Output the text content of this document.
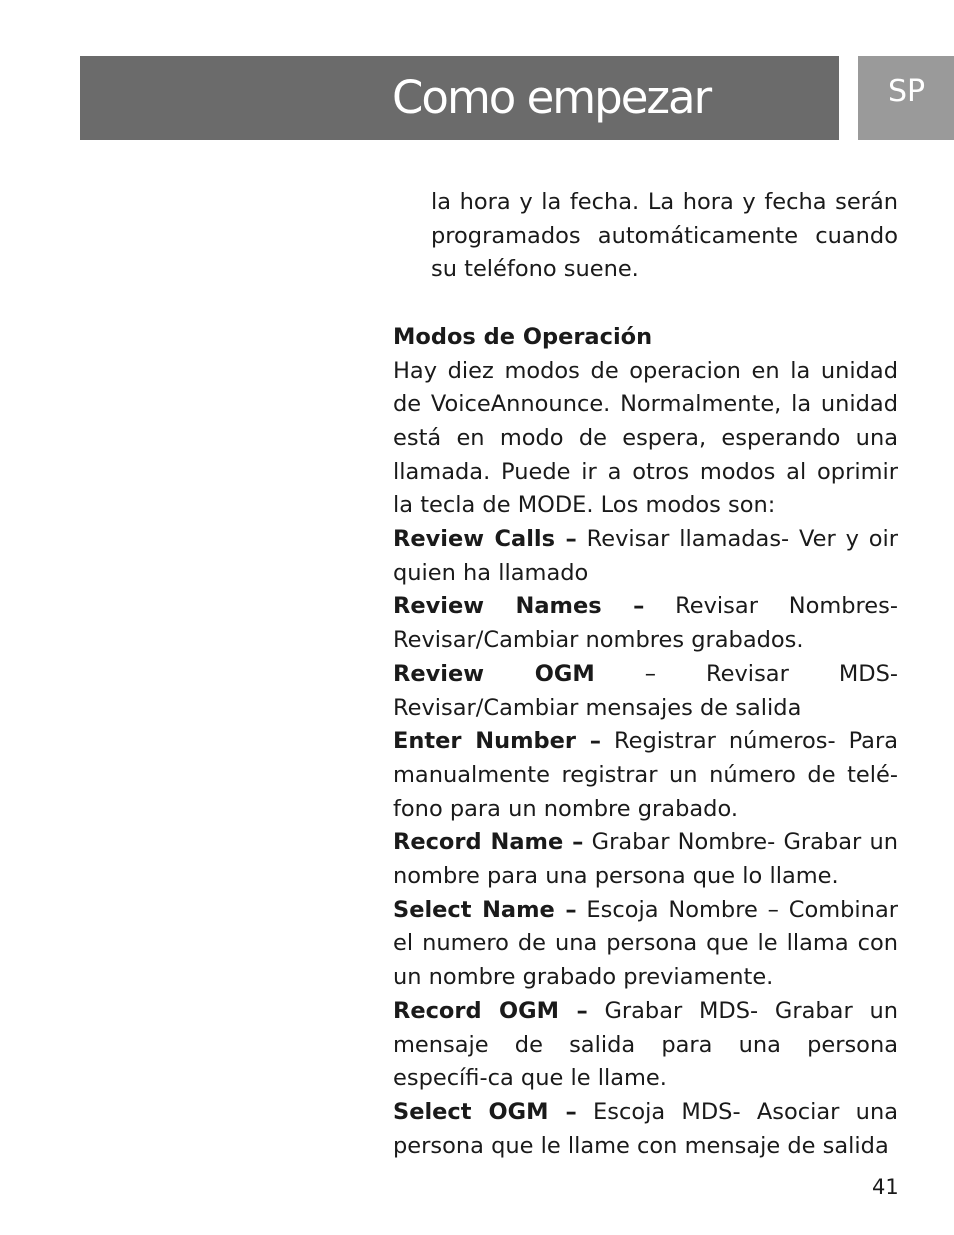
Como empezar	SP

la hora y la fecha. La hora y fecha serán programados automáticamente cuando su teléfono suene.

Modos de Operación

Hay diez modos de operacion en la unidad de VoiceAnnounce. Normalmente, la unidad está en modo de espera, esperando una llamada. Puede ir a otros modos al oprimir la tecla de MODE. Los modos son:

Review Calls – Revisar llamadas- Ver y oir quien ha llamado

Review Names – Revisar Nombres- Revisar/Cambiar nombres grabados.

Review OGM – Revisar MDS- Revisar/Cambiar mensajes de salida

Enter Number – Registrar números- Para manualmente registrar un número de telé-fono para un nombre grabado.

Record Name – Grabar Nombre- Grabar un nombre para una persona que lo llame.

Select Name – Escoja Nombre – Combinar el numero de una persona que le llama con un nombre grabado previamente.

Record OGM – Grabar MDS- Grabar un mensaje de salida para una persona específi-ca que le llame.

Select OGM – Escoja MDS- Asociar una persona que le llame con mensaje de salida

41
